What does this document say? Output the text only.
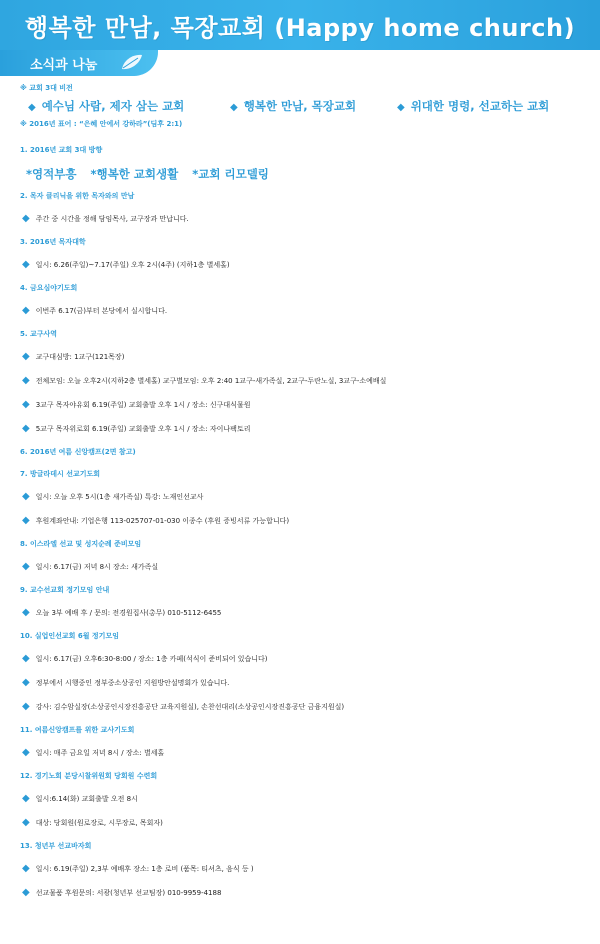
행복한 만남, 목장교회 (Happy home church)
소식과 나눔
※ 교회 3대 비전
◆ 예수님 사람, 제자 삼는 교회	◆ 행복한 만남, 목장교회	◆ 위대한 명령, 선교하는 교회
※ 2016년 표어 : “은혜 안에서 강하라”(딤후 2:1)
1. 2016년 교회 3대 방향
*영적부흥 *행복한 교회생활 *교회 리모델링
2. 목자 클리닉을 위한 목자와의 만남
◆ 주간 중 시간을 정해 담임목사, 교구장과 만납니다.
3. 2016년 목자대학
◆ 일시: 6.26(주일)~7.17(주일) 오후 2시(4주) (지하1층 별세홀)
4. 금요심야기도회
◆ 이번주 6.17(금)부터 본당에서 실시합니다.
5. 교구사역
◆ 교구대심방: 1교구(121목장)
◆ 전체모임: 오늘 오후2시(지하2층 별세홀) 교구별모임: 오후 2:40 1교구-새가족실, 2교구-두란노실, 3교구-소예배실
◆ 3교구 목자야유회 6.19(주일) 교회출발 오후 1시 / 장소: 신구대식물원
◆ 5교구 목자위로회 6.19(주일) 교회출발 오후 1시 / 장소: 자이나팩토리
6. 2016년 여름 신앙캠프(2면 참고)
7. 방글라데시 선교기도회
◆ 일시: 오늘 오후 5시(1층 새가족실) 특강: 노재인선교사
◆ 후원계좌안내: 기업은행 113-025707-01-030 이종수 (후원 증빙서류 가능합니다)
8. 이스라엘 선교 및 성지순례 준비모임
◆ 일시: 6.17(금) 저녁 8시 장소: 새가족실
9. 교수선교회 정기모임 안내
◆ 오늘 3부 예배 후 / 문의: 전경원집사(총무) 010-5112-6455
10. 실업인선교회 6월 정기모임
◆ 일시: 6.17(금) 오후6:30-8:00 / 장소: 1층 카페(석식이 준비되어 있습니다)
◆ 정부에서 시행중인 정부중소상공인 지원방안설명회가 있습니다.
◆ 강사: 김수암실장(소상공인시장진흥공단 교육지원실), 손찬선대리(소상공인시장진흥공단 금융지원실)
11. 여름신앙캠프를 위한 교사기도회
◆ 일시: 매주 금요일 저녁 8시 / 장소: 별세홀
12. 경기노회 분당시찰위원회 당회원 수련회
◆ 일시:6.14(화) 교회출발 오전 8시
◆ 대상: 당회원(원로장로, 시무장로, 목회자)
13. 청년부 선교바자회
◆ 일시: 6.19(주일) 2,3부 예배후 장소: 1층 로비 (품목: 티셔츠, 음식 등 )
◆ 선교물품 후원문의: 서광(청년부 선교팀장) 010-9959-4188
